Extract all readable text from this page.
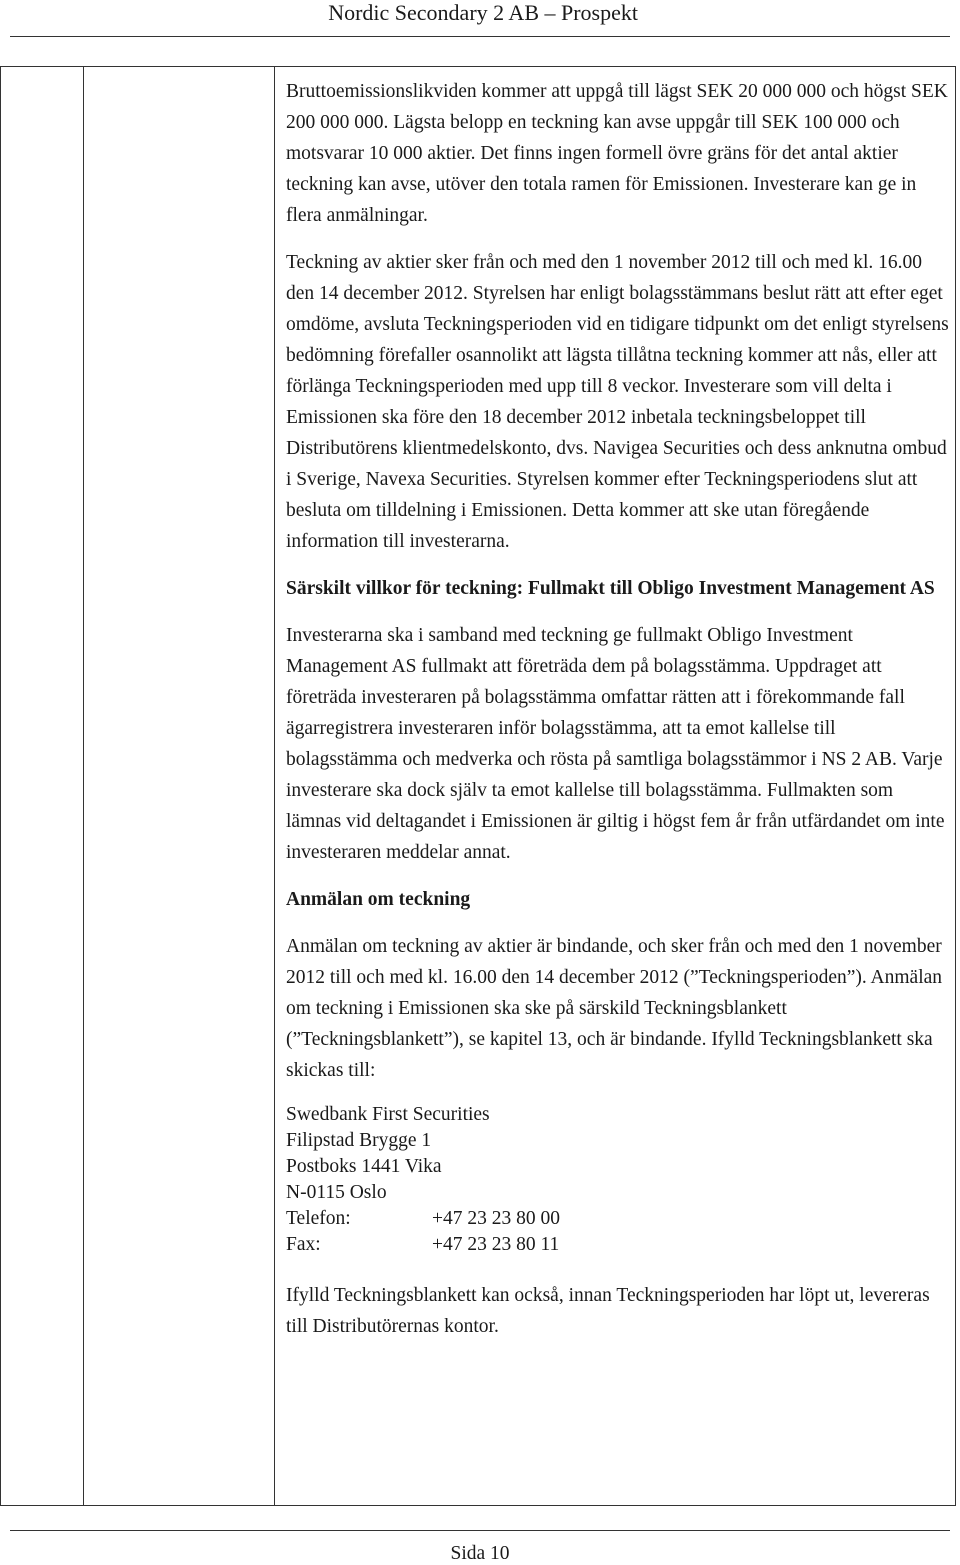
Nordic Secondary 2 AB – Prospekt

Bruttoemissionslikviden kommer att uppgå till lägst SEK 20 000 000 och högst SEK 200 000 000. Lägsta belopp en teckning kan avse uppgår till SEK 100 000 och motsvarar 10 000 aktier. Det finns ingen formell övre gräns för det antal aktier teckning kan avse, utöver den totala ramen för Emissionen. Investerare kan ge in flera anmälningar.

Teckning av aktier sker från och med den 1 november 2012 till och med kl. 16.00 den 14 december 2012. Styrelsen har enligt bolagsstämmans beslut rätt att efter eget omdöme, avsluta Teckningsperioden vid en tidigare tidpunkt om det enligt styrelsens bedömning förefaller osannolikt att lägsta tillåtna teckning kommer att nås, eller att förlänga Teckningsperioden med upp till 8 veckor. Investerare som vill delta i Emissionen ska före den 18 december 2012 inbetala teckningsbeloppet till Distributörens klientmedelskonto, dvs. Navigea Securities och dess anknutna ombud i Sverige, Navexa Securities. Styrelsen kommer efter Teckningsperiodens slut att besluta om tilldelning i Emissionen. Detta kommer att ske utan föregående information till investerarna.

Särskilt villkor för teckning: Fullmakt till Obligo Investment Management AS

Investerarna ska i samband med teckning ge fullmakt Obligo Investment Management AS fullmakt att företräda dem på bolagsstämma. Uppdraget att företräda investeraren på bolagsstämma omfattar rätten att i förekommande fall ägarregistrera investeraren inför bolagsstämma, att ta emot kallelse till bolagsstämma och medverka och rösta på samtliga bolagsstämmor i NS 2 AB. Varje investerare ska dock själv ta emot kallelse till bolagsstämma. Fullmakten som lämnas vid deltagandet i Emissionen är giltig i högst fem år från utfärdandet om inte investeraren meddelar annat.

Anmälan om teckning

Anmälan om teckning av aktier är bindande, och sker från och med den 1 november 2012 till och med kl. 16.00 den 14 december 2012 (”Teckningsperioden”). Anmälan om teckning i Emissionen ska ske på särskild Teckningsblankett (”Teckningsblankett”), se kapitel 13, och är bindande. Ifylld Teckningsblankett ska skickas till:

Swedbank First Securities
Filipstad Brygge 1
Postboks 1441 Vika
N-0115 Oslo
Telefon:	+47 23 23 80 00
Fax:	+47 23 23 80 11

Ifylld Teckningsblankett kan också, innan Teckningsperioden har löpt ut, levereras till Distributörernas kontor.

Sida 10
